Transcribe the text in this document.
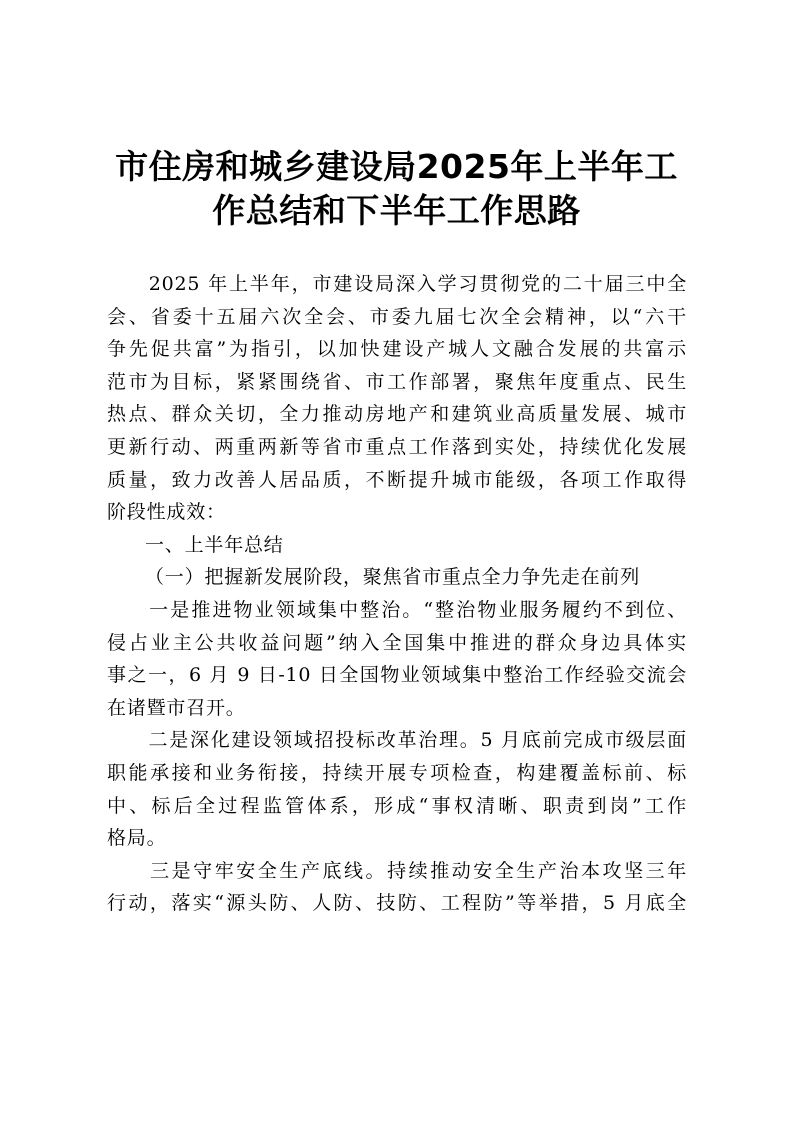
市住房和城乡建设局2025年上半年工
作总结和下半年工作思路
　　2025 年上半年，市建设局深入学习贯彻党的二十届三中全
会、省委十五届六次全会、市委九届七次全会精神，以“六干
争先促共富”为指引，以加快建设产城人文融合发展的共富示
范市为目标，紧紧围绕省、市工作部署，聚焦年度重点、民生
热点、群众关切，全力推动房地产和建筑业高质量发展、城市
更新行动、两重两新等省市重点工作落到实处，持续优化发展
质量，致力改善人居品质，不断提升城市能级，各项工作取得
阶段性成效：

一、上半年总结

（一）把握新发展阶段，聚焦省市重点全力争先走在前列

　　一是推进物业领域集中整治。“整治物业服务履约不到位、
侵占业主公共收益问题”纳入全国集中推进的群众身边具体实
事之一，6 月 9 日-10 日全国物业领域集中整治工作经验交流会
在诸暨市召开。
　　二是深化建设领域招投标改革治理。5 月底前完成市级层面
职能承接和业务衔接，持续开展专项检查，构建覆盖标前、标
中、标后全过程监管体系，形成“事权清晰、职责到岗”工作
格局。
　　三是守牢安全生产底线。持续推动安全生产治本攻坚三年
行动，落实“源头防、人防、技防、工程防”等举措，5 月底全
